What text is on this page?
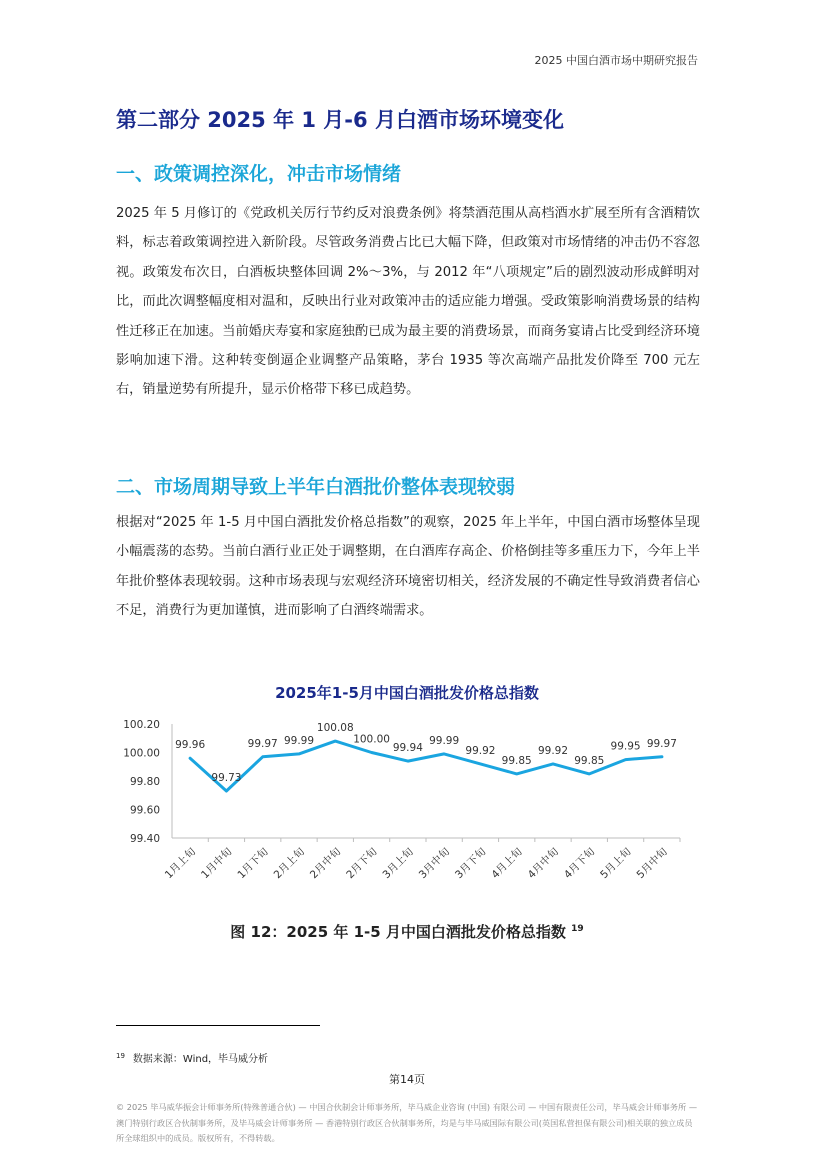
2025 中国白酒市场中期研究报告
第二部分 2025 年 1 月-6 月白酒市场环境变化
一、政策调控深化，冲击市场情绪

2025 年 5 月修订的《党政机关厉行节约反对浪费条例》将禁酒范围从高档酒水扩展至所有含酒精饮料，标志着政策调控进入新阶段。尽管政务消费占比已大幅下降，但政策对市场情绪的冲击仍不容忽视。政策发布次日，白酒板块整体回调 2%～3%，与 2012 年“八项规定”后的剧烈波动形成鲜明对比，而此次调整幅度相对温和，反映出行业对政策冲击的适应能力增强。受政策影响消费场景的结构性迁移正在加速。当前婚庆寿宴和家庭独酌已成为最主要的消费场景，而商务宴请占比受到经济环境影响加速下滑。这种转变倒逼企业调整产品策略，茅台 1935 等次高端产品批发价降至 700 元左右，销量逆势有所提升，显示价格带下移已成趋势。

二、市场周期导致上半年白酒批价整体表现较弱

根据对“2025 年 1-5 月中国白酒批发价格总指数”的观察，2025 年上半年，中国白酒市场整体呈现小幅震荡的态势。当前白酒行业正处于调整期，在白酒库存高企、价格倒挂等多重压力下，今年上半年批价整体表现较弱。这种市场表现与宏观经济环境密切相关，经济发展的不确定性导致消费者信心不足，消费行为更加谨慎，进而影响了白酒终端需求。

2025年1-5月中国白酒批发价格总指数
99.40
99.60
99.80
100.00
100.20
1月上旬 1月中旬 1月下旬 2月上旬 2月中旬 2月下旬 3月上旬 3月中旬 3月下旬 4月上旬 4月中旬 4月下旬 5月上旬 5月中旬
99.96
99.73
99.97 99.99
100.08
100.00
99.94
99.99
99.92
99.85
99.92
99.85
99.95 99.97
图 12：2025 年 1-5 月中国白酒批发价格总指数 $^{19}$
$^{19}$ 数据来源：Wind，毕马威分析
第14页
© 2025 毕马威华振会计师事务所(特殊普通合伙) — 中国合伙制会计师事务所，毕马威企业咨询 (中国) 有限公司 — 中国有限责任公司，毕马威会计师事务所 — 澳门特别行政区合伙制事务所，及毕马威会计师事务所 — 香港特别行政区合伙制事务所，均是与毕马威国际有限公司(英国私营担保有限公司)相关联的独立成员所全球组织中的成员。版权所有，不得转载。
